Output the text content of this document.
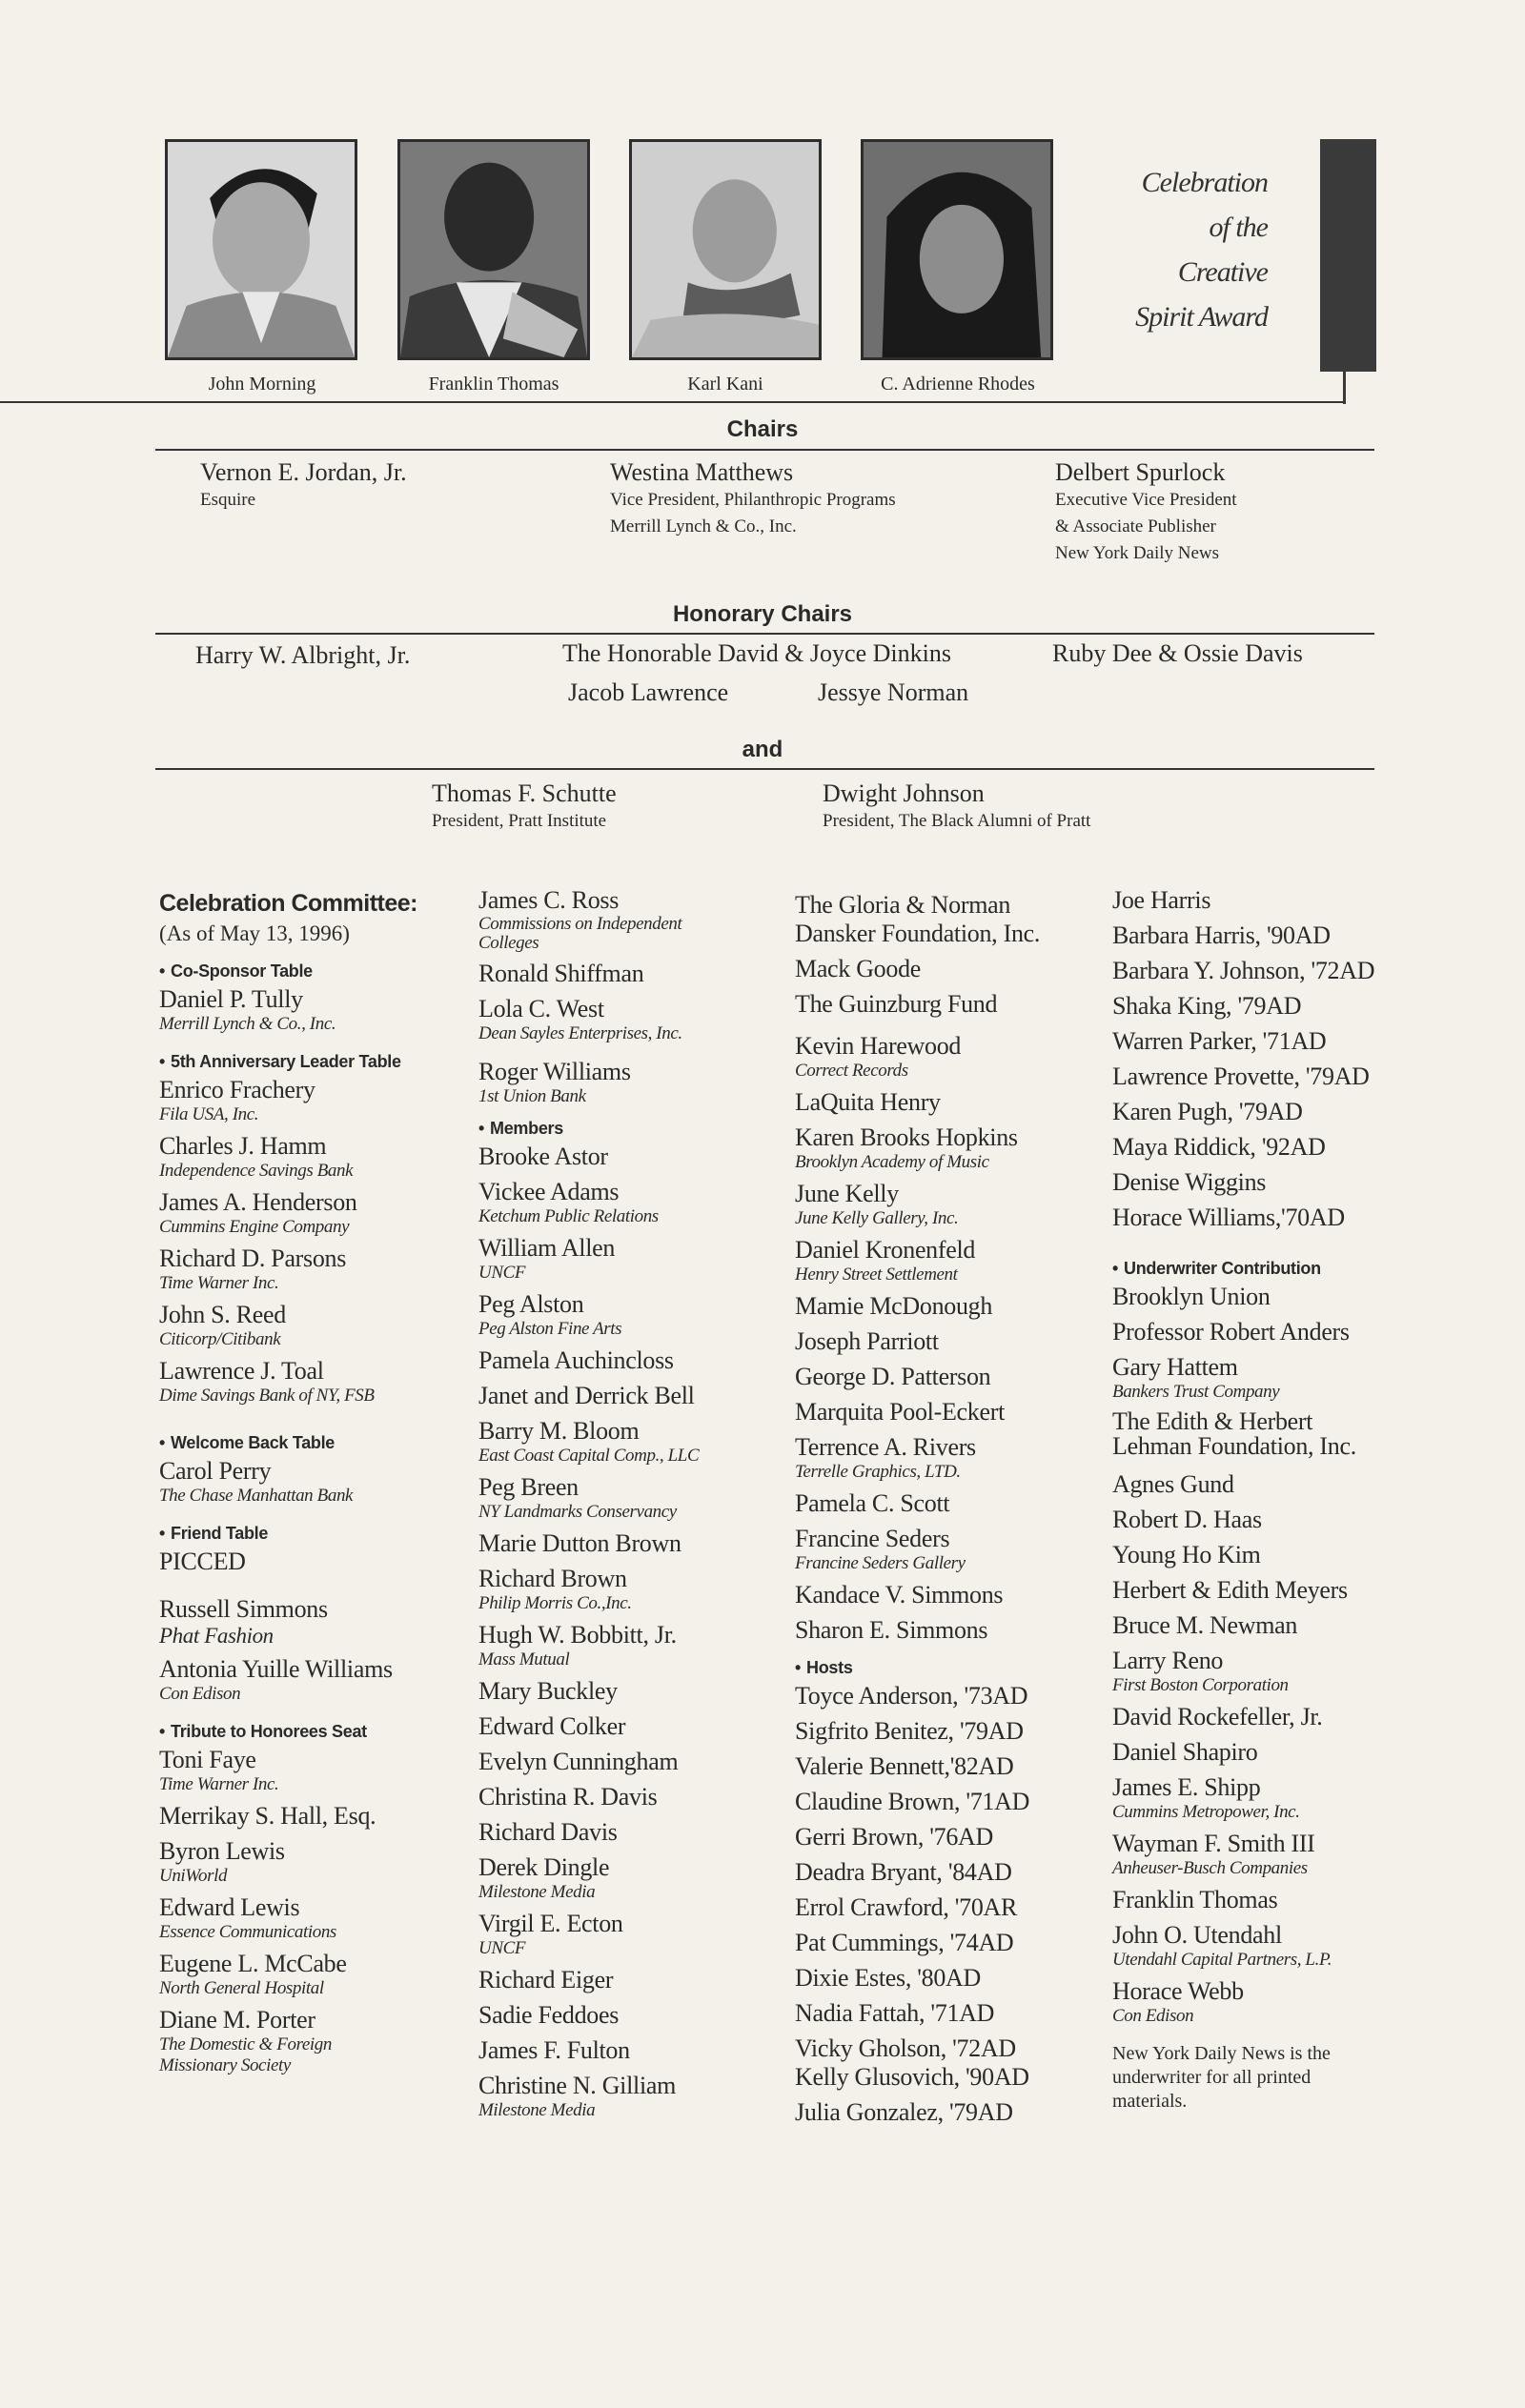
John Morning	Franklin Thomas	Karl Kani	C. Adrienne Rhodes
Celebration
of the
Creative
Spirit Award
Chairs
Vernon E. Jordan, Jr.
Esquire
Westina Matthews
Vice President, Philanthropic Programs
Merrill Lynch & Co., Inc.
Delbert Spurlock
Executive Vice President
& Associate Publisher
New York Daily News
Honorary Chairs
Harry W. Albright, Jr.	The Honorable David & Joyce Dinkins	Ruby Dee & Ossie Davis
Jacob Lawrence	Jessye Norman
and
Thomas F. Schutte
President, Pratt Institute
Dwight Johnson
President, The Black Alumni of Pratt
Celebration Committee:
(As of May 13, 1996)
• Co-Sponsor Table
Daniel P. Tully
Merrill Lynch & Co., Inc.
• 5th Anniversary Leader Table
Enrico Frachery
Fila USA, Inc.
Charles J. Hamm
Independence Savings Bank
James A. Henderson
Cummins Engine Company
Richard D. Parsons
Time Warner Inc.
John S. Reed
Citicorp/Citibank
Lawrence J. Toal
Dime Savings Bank of NY, FSB
• Welcome Back Table
Carol Perry
The Chase Manhattan Bank
• Friend Table
PICCED
Russell Simmons
Phat Fashion
Antonia Yuille Williams
Con Edison
• Tribute to Honorees Seat
Toni Faye
Time Warner Inc.
Merrikay S. Hall, Esq.
Byron Lewis
UniWorld
Edward Lewis
Essence Communications
Eugene L. McCabe
North General Hospital
Diane M. Porter
The Domestic & Foreign
Missionary Society
James C. Ross
Commissions on Independent
Colleges
Ronald Shiffman
Lola C. West
Dean Sayles Enterprises, Inc.
Roger Williams
1st Union Bank
• Members
Brooke Astor
Vickee Adams
Ketchum Public Relations
William Allen
UNCF
Peg Alston
Peg Alston Fine Arts
Pamela Auchincloss
Janet and Derrick Bell
Barry M. Bloom
East Coast Capital Comp., LLC
Peg Breen
NY Landmarks Conservancy
Marie Dutton Brown
Richard Brown
Philip Morris Co.,Inc.
Hugh W. Bobbitt, Jr.
Mass Mutual
Mary Buckley
Edward Colker
Evelyn Cunningham
Christina R. Davis
Richard Davis
Derek Dingle
Milestone Media
Virgil E. Ecton
UNCF
Richard Eiger
Sadie Feddoes
James F. Fulton
Christine N. Gilliam
Milestone Media
The Gloria & Norman
Dansker Foundation, Inc.
Mack Goode
The Guinzburg Fund
Kevin Harewood
Correct Records
LaQuita Henry
Karen Brooks Hopkins
Brooklyn Academy of Music
June Kelly
June Kelly Gallery, Inc.
Daniel Kronenfeld
Henry Street Settlement
Mamie McDonough
Joseph Parriott
George D. Patterson
Marquita Pool-Eckert
Terrence A. Rivers
Terrelle Graphics, LTD.
Pamela C. Scott
Francine Seders
Francine Seders Gallery
Kandace V. Simmons
Sharon E. Simmons
• Hosts
Toyce Anderson, '73AD
Sigfrito Benitez, '79AD
Valerie Bennett,'82AD
Claudine Brown, '71AD
Gerri Brown, '76AD
Deadra Bryant, '84AD
Errol Crawford, '70AR
Pat Cummings, '74AD
Dixie Estes, '80AD
Nadia Fattah, '71AD
Vicky Gholson, '72AD
Kelly Glusovich, '90AD
Julia Gonzalez, '79AD
Joe Harris
Barbara Harris, '90AD
Barbara Y. Johnson, '72AD
Shaka King, '79AD
Warren Parker, '71AD
Lawrence Provette, '79AD
Karen Pugh, '79AD
Maya Riddick, '92AD
Denise Wiggins
Horace Williams,'70AD
• Underwriter Contribution
Brooklyn Union
Professor Robert Anders
Gary Hattem
Bankers Trust Company
The Edith & Herbert
Lehman Foundation, Inc.
Agnes Gund
Robert D. Haas
Young Ho Kim
Herbert & Edith Meyers
Bruce M. Newman
Larry Reno
First Boston Corporation
David Rockefeller, Jr.
Daniel Shapiro
James E. Shipp
Cummins Metropower, Inc.
Wayman F. Smith III
Anheuser-Busch Companies
Franklin Thomas
John O. Utendahl
Utendahl Capital Partners, L.P.
Horace Webb
Con Edison
New York Daily News is the underwriter for all printed materials.
